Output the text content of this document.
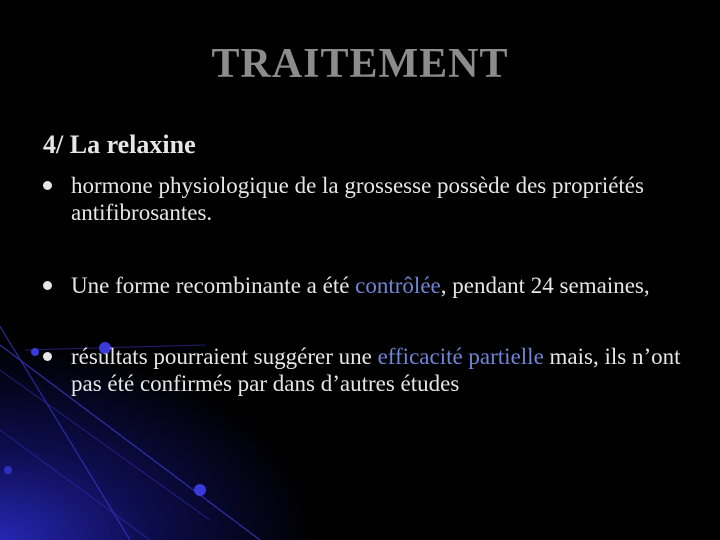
TRAITEMENT
4/ La relaxine
hormone physiologique de la grossesse possède des propriétés antifibrosantes.
Une forme recombinante a été contrôlée, pendant 24 semaines,
résultats pourraient suggérer une efficacité partielle mais, ils n’ont pas été confirmés par dans d’autres études
